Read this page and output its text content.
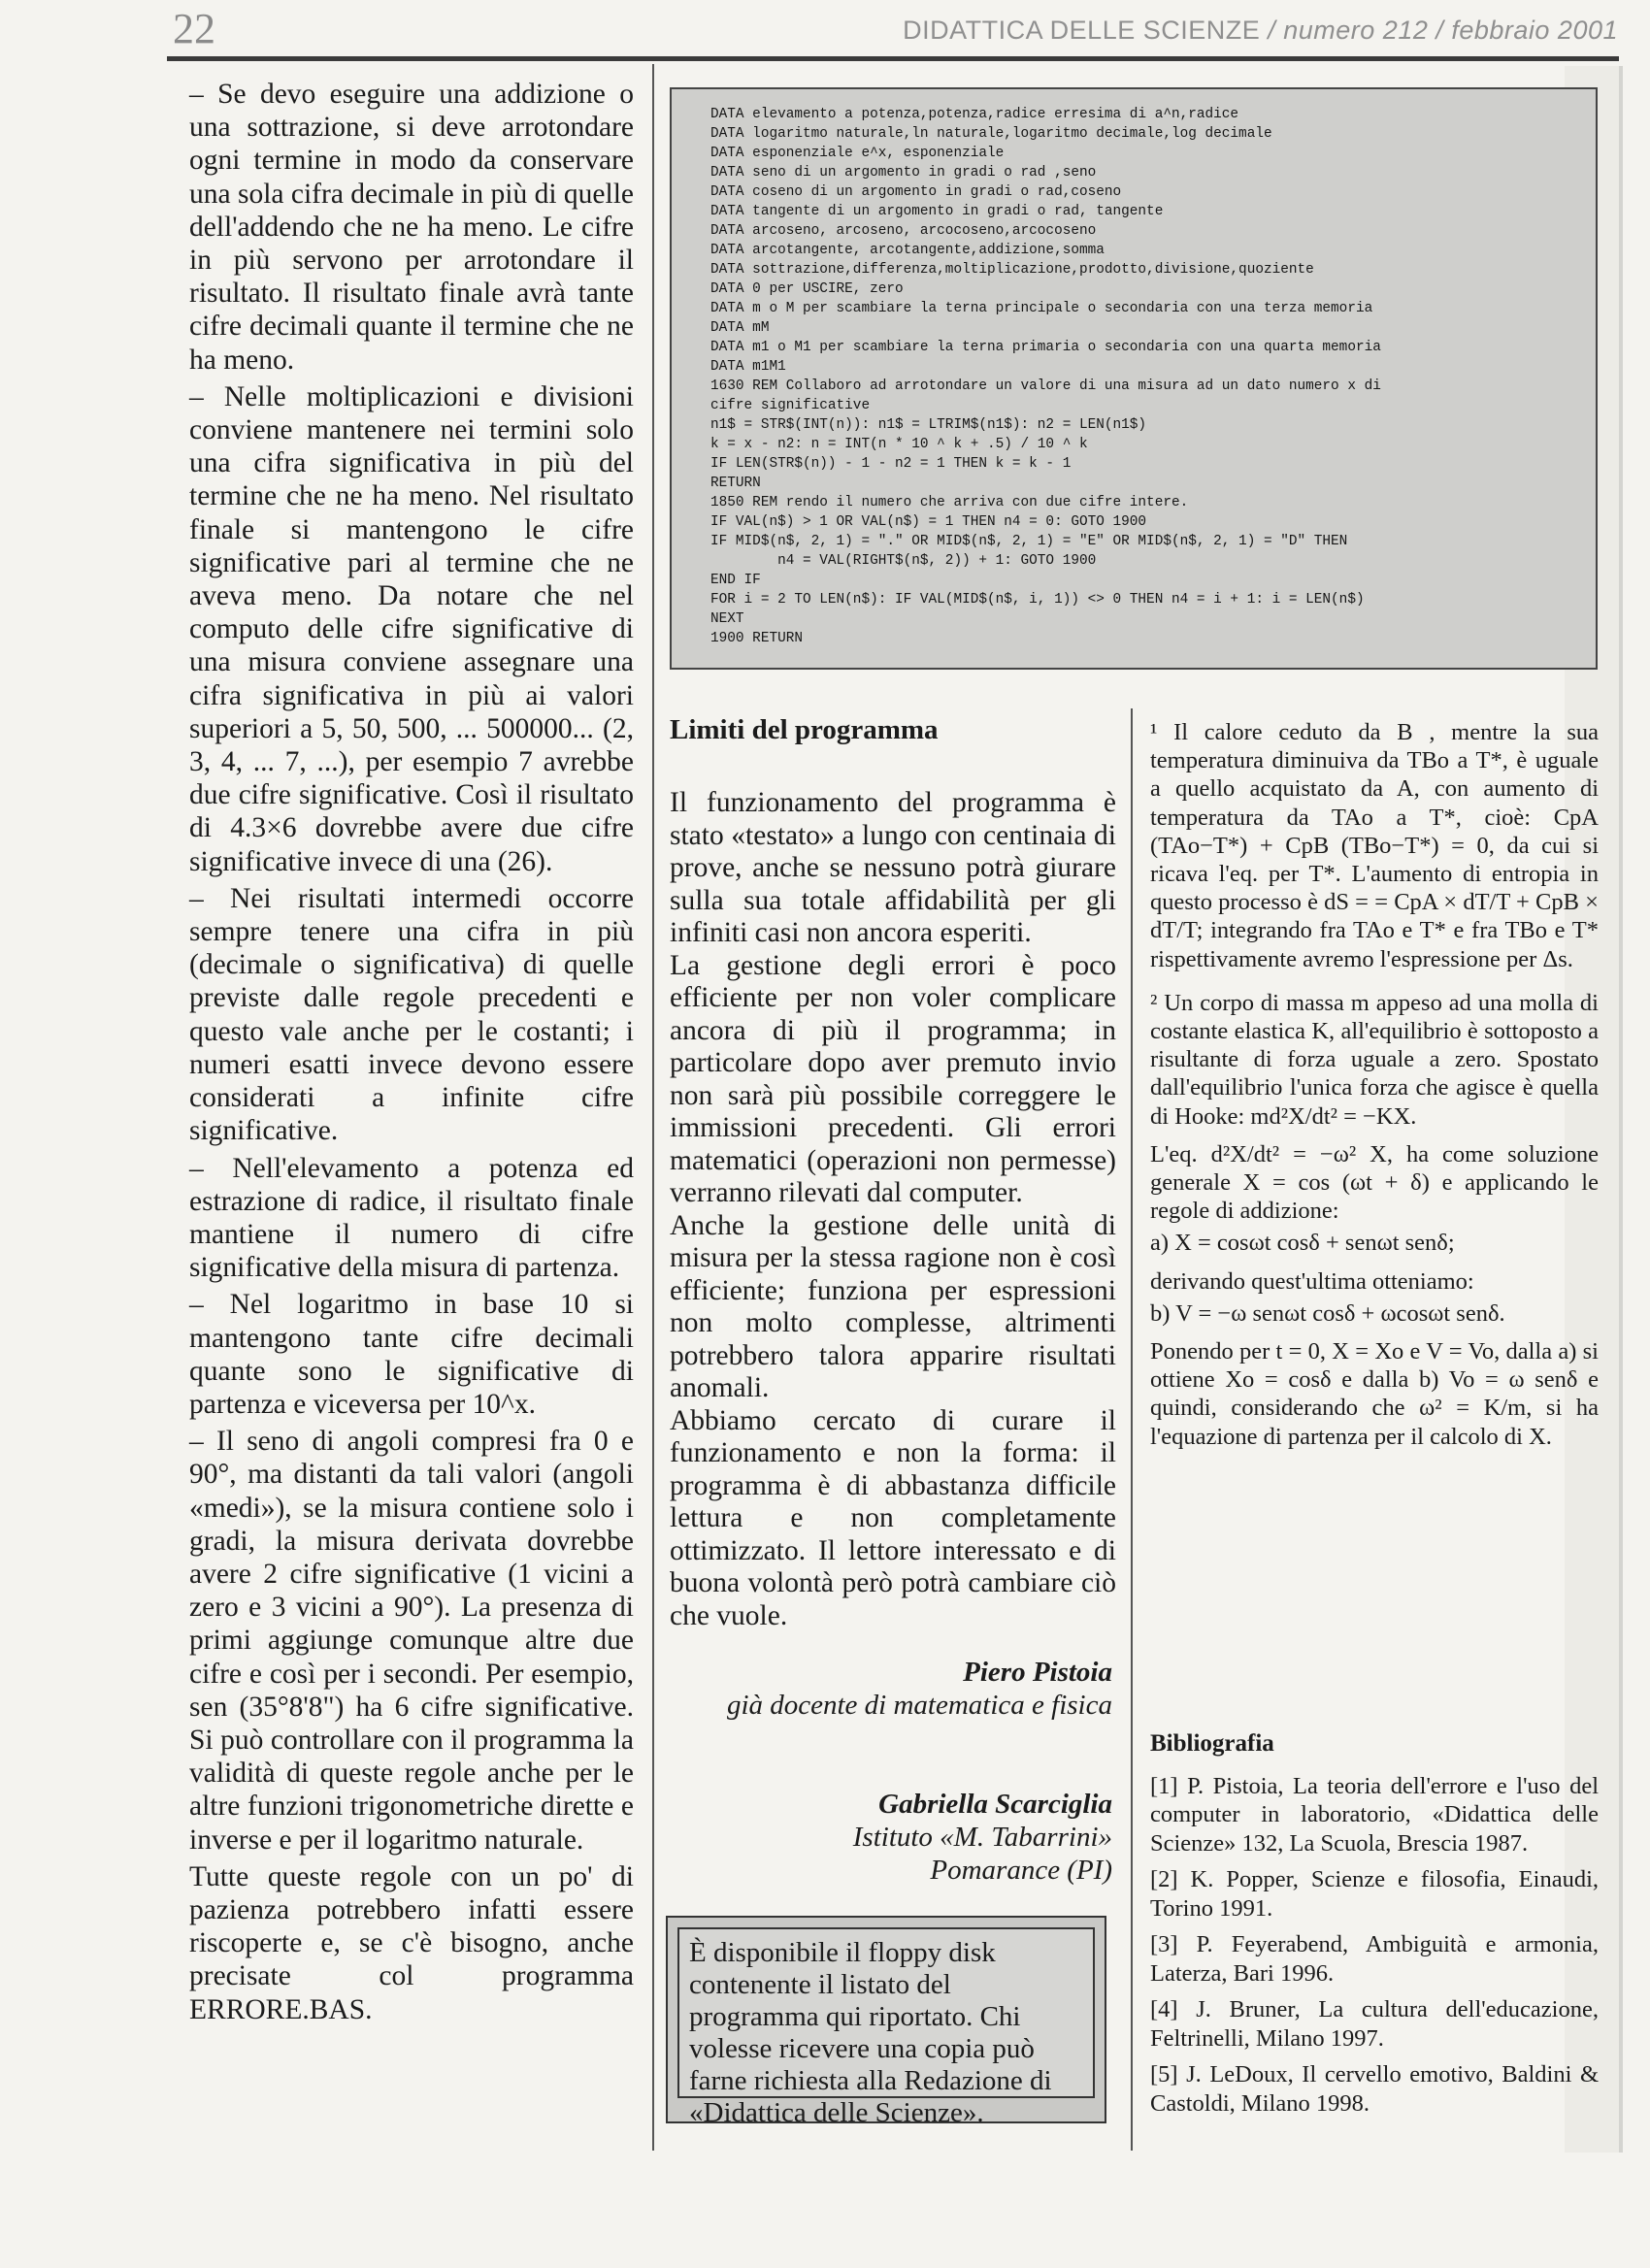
22	DIDATTICA DELLE SCIENZE / numero 212 / febbraio 2001

– Se devo eseguire una addizione o una sottrazione, si deve arrotondare ogni termine in modo da conservare una sola cifra decimale in più di quelle dell'addendo che ne ha meno. Le cifre in più servono per arrotondare il risultato. Il risultato finale avrà tante cifre decimali quante il termine che ne ha meno.

– Nelle moltiplicazioni e divisioni conviene mantenere nei termini solo una cifra significativa in più del termine che ne ha meno. Nel risultato finale si mantengono le cifre significative pari al termine che ne aveva meno. Da notare che nel computo delle cifre significative di una misura conviene assegnare una cifra significativa in più ai valori superiori a 5, 50, 500, ... 500000... (2, 3, 4, ... 7, ...), per esempio 7 avrebbe due cifre significative. Così il risultato di 4.3×6 dovrebbe avere due cifre significative invece di una (26).

– Nei risultati intermedi occorre sempre tenere una cifra in più (decimale o significativa) di quelle previste dalle regole precedenti e questo vale anche per le costanti; i numeri esatti invece devono essere considerati a infinite cifre significative.

– Nell'elevamento a potenza ed estrazione di radice, il risultato finale mantiene il numero di cifre significative della misura di partenza.

– Nel logaritmo in base 10 si mantengono tante cifre decimali quante sono le significative di partenza e viceversa per 10^x.

– Il seno di angoli compresi fra 0 e 90°, ma distanti da tali valori (angoli «medi»), se la misura contiene solo i gradi, la misura derivata dovrebbe avere 2 cifre significative (1 vicini a zero e 3 vicini a 90°). La presenza di primi aggiunge comunque altre due cifre e così per i secondi. Per esempio, sen (35°8'8") ha 6 cifre significative. Si può controllare con il programma la validità di queste regole anche per le altre funzioni trigonometriche dirette e inverse e per il logaritmo naturale.

Tutte queste regole con un po' di pazienza potrebbero infatti essere riscoperte e, se c'è bisogno, anche precisate col programma ERRORE.BAS.

DATA elevamento a potenza,potenza,radice erresima di a^n,radice
DATA logaritmo naturale,ln naturale,logaritmo decimale,log decimale
DATA esponenziale e^x, esponenziale
DATA seno di un argomento in gradi o rad ,seno
DATA coseno di un argomento in gradi o rad,coseno
DATA tangente di un argomento in gradi o rad, tangente
DATA arcoseno, arcoseno, arcocoseno,arcocoseno
DATA arcotangente, arcotangente,addizione,somma
DATA sottrazione,differenza,moltiplicazione,prodotto,divisione,quoziente
DATA 0 per USCIRE, zero
DATA m o M per scambiare la terna principale o secondaria con una terza memoria
DATA mM
DATA m1 o M1 per scambiare la terna primaria o secondaria con una quarta memoria
DATA m1M1
1630 REM Collaboro ad arrotondare un valore di una misura ad un dato numero x di
cifre significative
n1$ = STR$(INT(n)): n1$ = LTRIM$(n1$): n2 = LEN(n1$)
k = x - n2: n = INT(n * 10 ^ k + .5) / 10 ^ k
IF LEN(STR$(n)) - 1 - n2 = 1 THEN k = k - 1
RETURN
1850 REM rendo il numero che arriva con due cifre intere.
IF VAL(n$) > 1 OR VAL(n$) = 1 THEN n4 = 0: GOTO 1900
IF MID$(n$, 2, 1) = "." OR MID$(n$, 2, 1) = "E" OR MID$(n$, 2, 1) = "D" THEN
n4 = VAL(RIGHT$(n$, 2)) + 1: GOTO 1900
END IF
FOR i = 2 TO LEN(n$): IF VAL(MID$(n$, i, 1)) <> 0 THEN n4 = i + 1: i = LEN(n$)
NEXT
1900 RETURN
Limiti del programma

Il funzionamento del programma è stato «testato» a lungo con centinaia di prove, anche se nessuno potrà giurare sulla sua totale affidabilità per gli infiniti casi non ancora esperiti.

La gestione degli errori è poco efficiente per non voler complicare ancora di più il programma; in particolare dopo aver premuto invio non sarà più possibile correggere le immissioni precedenti. Gli errori matematici (operazioni non permesse) verranno rilevati dal computer.

Anche la gestione delle unità di misura per la stessa ragione non è così efficiente; funziona per espressioni non molto complesse, altrimenti potrebbero talora apparire risultati anomali.

Abbiamo cercato di curare il funzionamento e non la forma: il programma è di abbastanza difficile lettura e non completamente ottimizzato. Il lettore interessato e di buona volontà però potrà cambiare ciò che vuole.

Piero Pistoia
già docente di matematica e fisica
Gabriella Scarciglia
Istituto «M. Tabarrini»
Pomarance (PI)

È disponibile il floppy disk contenente il listato del programma qui riportato. Chi volesse ricevere una copia può farne richiesta alla Redazione di «Didattica delle Scienze».

¹ Il calore ceduto da B , mentre la sua temperatura diminuiva da TBo a T*, è uguale a quello acquistato da A, con aumento di temperatura da TAo a T*, cioè: CpA (TAo−T*) + CpB (TBo−T*) = 0, da cui si ricava l'eq. per T*. L'aumento di entropia in questo processo è dS = = CpA × dT/T + CpB × dT/T; integrando fra TAo e T* e fra TBo e T* rispettivamente avremo l'espressione per Δs.

² Un corpo di massa m appeso ad una molla di costante elastica K, all'equilibrio è sottoposto a risultante di forza uguale a zero. Spostato dall'equilibrio l'unica forza che agisce è quella di Hooke: md²X/dt² = −KX.

L'eq. d²X/dt² = −ω² X, ha come soluzione generale X = cos (ωt + δ) e applicando le regole di addizione:

a) X = cosωt cosδ + senωt senδ;

derivando quest'ultima otteniamo:

b) V = −ω senωt cosδ + ωcosωt senδ.

Ponendo per t = 0, X = Xo e V = Vo, dalla a) si ottiene Xo = cosδ e dalla b) Vo = ω senδ e quindi, considerando che ω² = K/m, si ha l'equazione di partenza per il calcolo di X.

Bibliografia

[1] P. Pistoia, La teoria dell'errore e l'uso del computer in laboratorio, «Didattica delle Scienze» 132, La Scuola, Brescia 1987.

[2] K. Popper, Scienze e filosofia, Einaudi, Torino 1991.

[3] P. Feyerabend, Ambiguità e armonia, Laterza, Bari 1996.

[4] J. Bruner, La cultura dell'educazione, Feltrinelli, Milano 1997.

[5] J. LeDoux, Il cervello emotivo, Baldini & Castoldi, Milano 1998.
